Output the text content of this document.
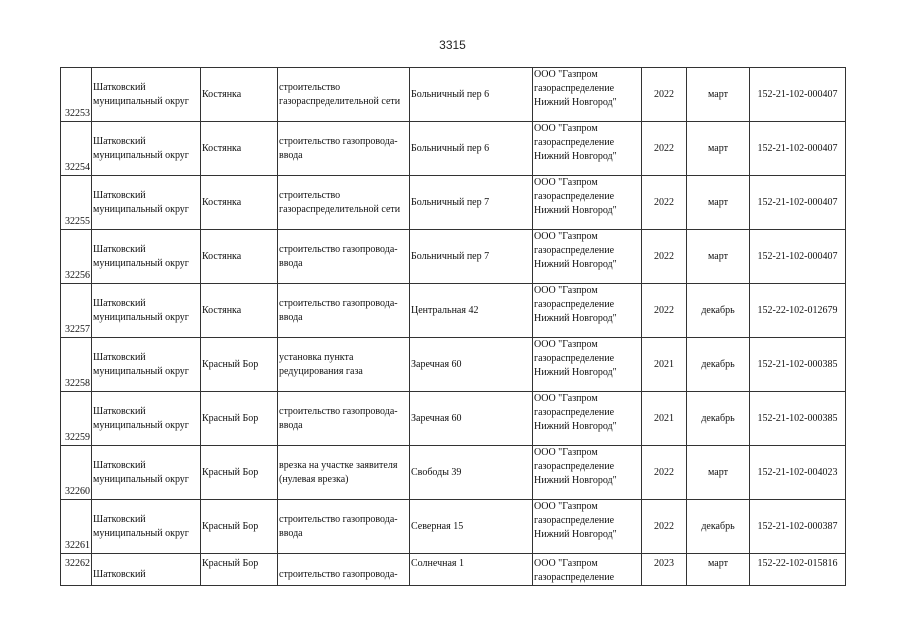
3315
32253	Шатковский
муниципальный округ	Костянка	строительство
газораспределительной сети	Больничный пер 6	ООО "Газпром
газораспределение
Нижний Новгород"	2022	март	152-21-102-000407
32254	Шатковский
муниципальный округ	Костянка	строительство газопровода-
ввода	Больничный пер 6	ООО "Газпром
газораспределение
Нижний Новгород"	2022	март	152-21-102-000407
32255	Шатковский
муниципальный округ	Костянка	строительство
газораспределительной сети	Больничный пер 7	ООО "Газпром
газораспределение
Нижний Новгород"	2022	март	152-21-102-000407
32256	Шатковский
муниципальный округ	Костянка	строительство газопровода-
ввода	Больничный пер 7	ООО "Газпром
газораспределение
Нижний Новгород"	2022	март	152-21-102-000407
32257	Шатковский
муниципальный округ	Костянка	строительство газопровода-
ввода	Центральная 42	ООО "Газпром
газораспределение
Нижний Новгород"	2022	декабрь	152-22-102-012679
32258	Шатковский
муниципальный округ	Красный Бор	установка пункта
редуцирования газа	Заречная 60	ООО "Газпром
газораспределение
Нижний Новгород"	2021	декабрь	152-21-102-000385
32259	Шатковский
муниципальный округ	Красный Бор	строительство газопровода-
ввода	Заречная 60	ООО "Газпром
газораспределение
Нижний Новгород"	2021	декабрь	152-21-102-000385
32260	Шатковский
муниципальный округ	Красный Бор	врезка на участке заявителя
(нулевая врезка)	Свободы 39	ООО "Газпром
газораспределение
Нижний Новгород"	2022	март	152-21-102-004023
32261	Шатковский
муниципальный округ	Красный Бор	строительство газопровода-
ввода	Северная 15	ООО "Газпром
газораспределение
Нижний Новгород"	2022	декабрь	152-21-102-000387
32262	Шатковский	Красный Бор	строительство газопровода-	Солнечная 1	ООО "Газпром
газораспределение	2023	март	152-22-102-015816
